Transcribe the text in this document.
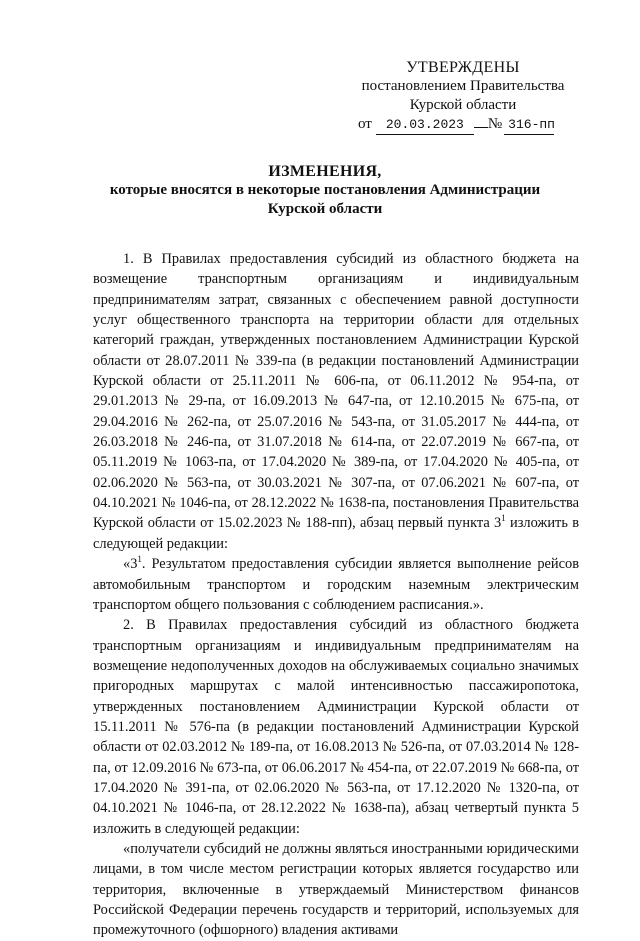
УТВЕРЖДЕНЫ
постановлением Правительства
Курской области
от	20.03.2023	№ 316-пп
ИЗМЕНЕНИЯ,
которые вносятся в некоторые постановления Администрации
Курской области

1. В Правилах предоставления субсидий из областного бюджета на возмещение транспортным организациям и индивидуальным предпринимателям затрат, связанных с обеспечением равной доступности услуг общественного транспорта на территории области для отдельных категорий граждан, утвержденных постановлением Администрации Курской области от 28.07.2011 № 339-па (в редакции постановлений Администрации Курской области от 25.11.2011 № 606-па, от 06.11.2012 № 954-па, от 29.01.2013 № 29-па, от 16.09.2013 № 647-па, от 12.10.2015 № 675-па, от 29.04.2016 № 262-па, от 25.07.2016 № 543-па, от 31.05.2017 № 444-па, от 26.03.2018 № 246-па, от 31.07.2018 № 614-па, от 22.07.2019 № 667-па, от 05.11.2019 № 1063-па, от 17.04.2020 № 389-па, от 17.04.2020 № 405-па, от 02.06.2020 № 563-па, от 30.03.2021 № 307-па, от 07.06.2021 № 607-па, от 04.10.2021 № 1046-па, от 28.12.2022 № 1638-па, постановления Правительства Курской области от 15.02.2023 № 188-пп), абзац первый пункта $3^1$ изложить в следующей редакции:

«$3^1$. Результатом предоставления субсидии является выполнение рейсов автомобильным транспортом и городским наземным электрическим транспортом общего пользования с соблюдением расписания.».

2. В Правилах предоставления субсидий из областного бюджета транспортным организациям и индивидуальным предпринимателям на возмещение недополученных доходов на обслуживаемых социально значимых пригородных маршрутах с малой интенсивностью пассажиропотока, утвержденных постановлением Администрации Курской области от 15.11.2011 № 576-па (в редакции постановлений Администрации Курской области от 02.03.2012 № 189-па, от 16.08.2013 № 526-па, от 07.03.2014 № 128-па, от 12.09.2016 № 673-па, от 06.06.2017 № 454-па, от 22.07.2019 № 668-па, от 17.04.2020 № 391-па, от 02.06.2020 № 563-па, от 17.12.2020 № 1320-па, от 04.10.2021 № 1046-па, от 28.12.2022 № 1638-па), абзац четвертый пункта 5 изложить в следующей редакции:

«получатели субсидий не должны являться иностранными юридическими лицами, в том числе местом регистрации которых является государство или территория, включенные в утверждаемый Министерством финансов Российской Федерации перечень государств и территорий, используемых для промежуточного (офшорного) владения активами
